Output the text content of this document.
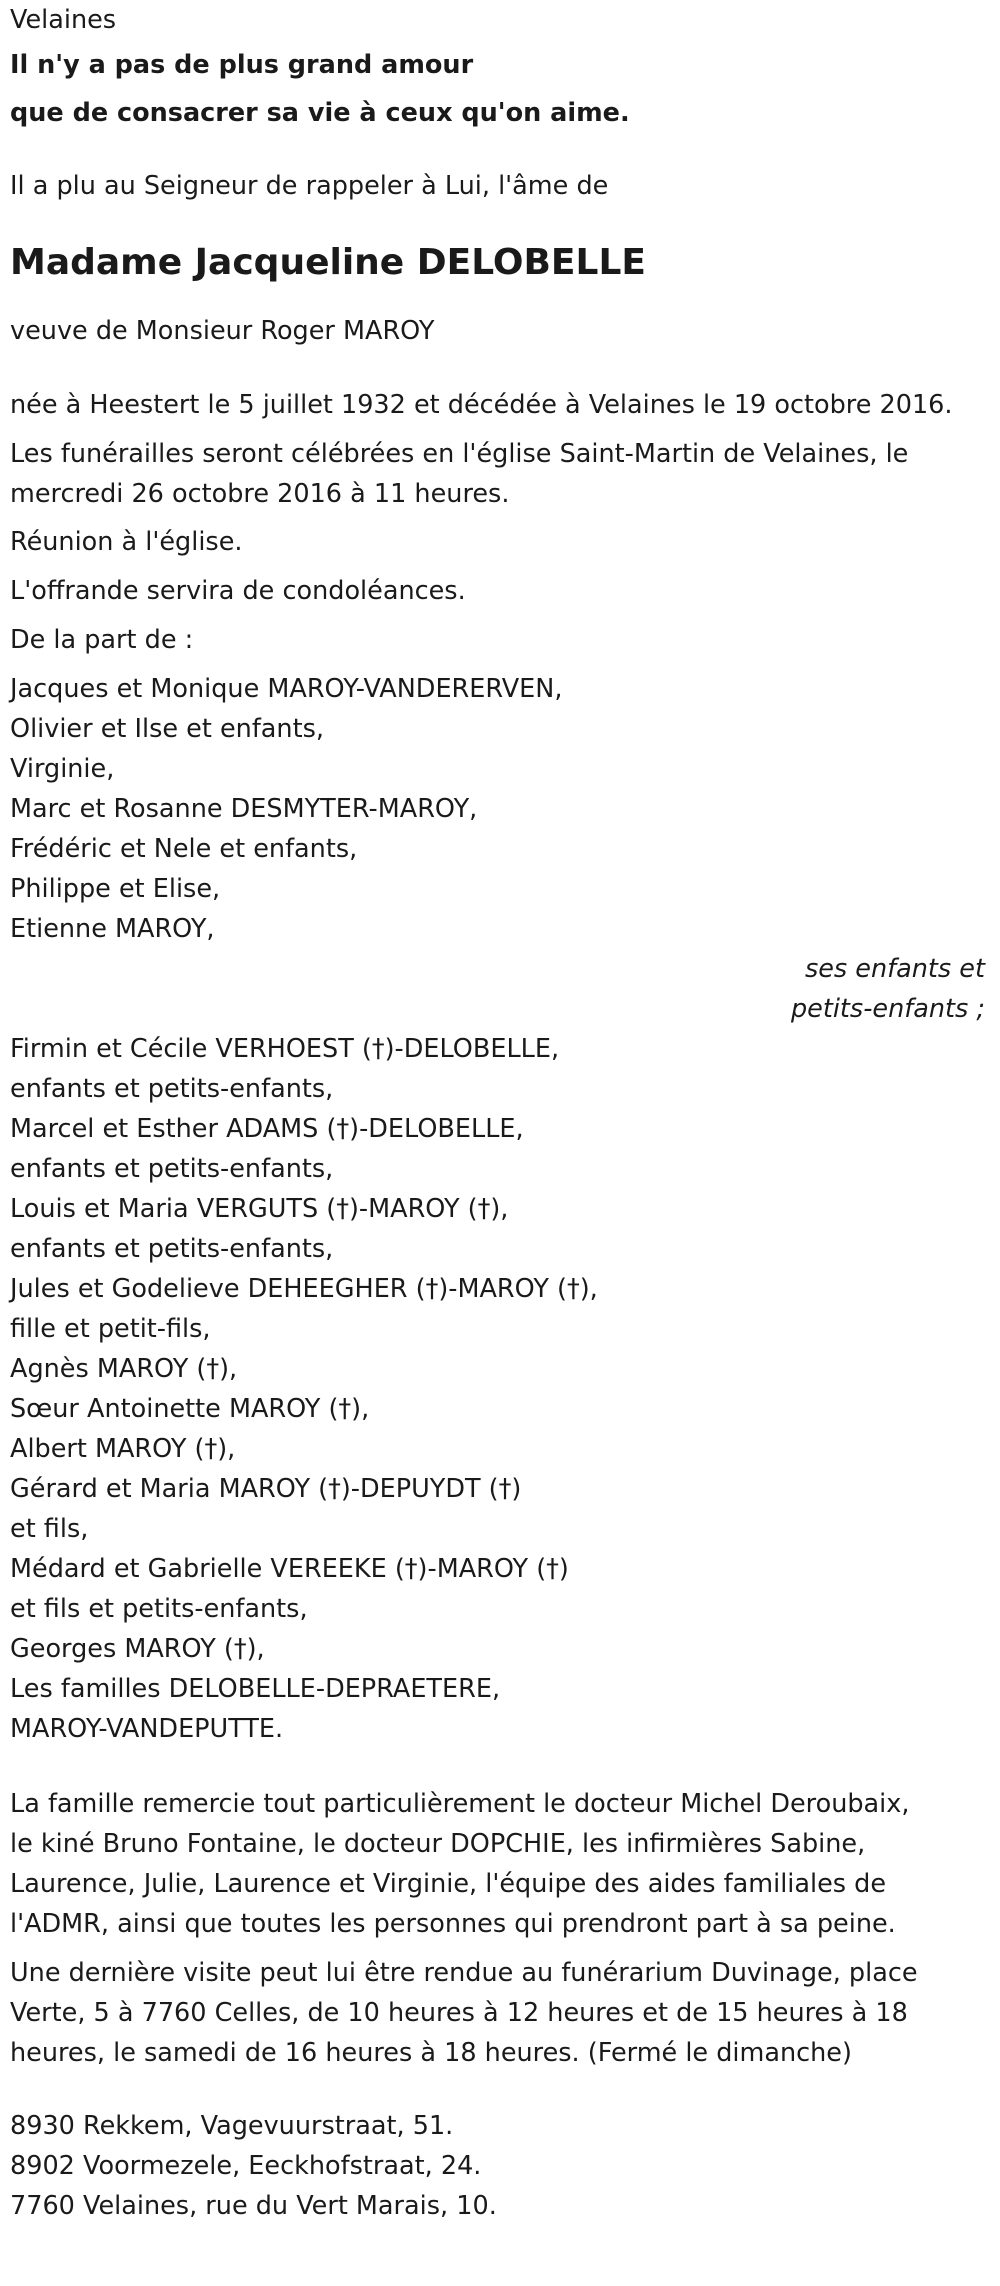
Velaines
Il n'y a pas de plus grand amour
que de consacrer sa vie à ceux qu'on aime.
Il a plu au Seigneur de rappeler à Lui, l'âme de
Madame Jacqueline DELOBELLE
veuve de Monsieur Roger MAROY
née à Heestert le 5 juillet 1932 et décédée à Velaines le 19 octobre 2016.
Les funérailles seront célébrées en l'église Saint-Martin de Velaines, le
mercredi 26 octobre 2016 à 11 heures.
Réunion à l'église.
L'offrande servira de condoléances.
De la part de :
Jacques et Monique MAROY-VANDERERVEN,
Olivier et Ilse et enfants,
Virginie,
Marc et Rosanne DESMYTER-MAROY,
Frédéric et Nele et enfants,
Philippe et Elise,
Etienne MAROY,
ses enfants et
petits-enfants ;
Firmin et Cécile VERHOEST (†)-DELOBELLE,
enfants et petits-enfants,
Marcel et Esther ADAMS (†)-DELOBELLE,
enfants et petits-enfants,
Louis et Maria VERGUTS (†)-MAROY (†),
enfants et petits-enfants,
Jules et Godelieve DEHEEGHER (†)-MAROY (†),
fille et petit-fils,
Agnès MAROY (†),
Sœur Antoinette MAROY (†),
Albert MAROY (†),
Gérard et Maria MAROY (†)-DEPUYDT (†)
et fils,
Médard et Gabrielle VEREEKE (†)-MAROY (†)
et fils et petits-enfants,
Georges MAROY (†),
Les familles DELOBELLE-DEPRAETERE,
MAROY-VANDEPUTTE.
La famille remercie tout particulièrement le docteur Michel Deroubaix,
le kiné Bruno Fontaine, le docteur DOPCHIE, les infirmières Sabine,
Laurence, Julie, Laurence et Virginie, l'équipe des aides familiales de
l'ADMR, ainsi que toutes les personnes qui prendront part à sa peine.
Une dernière visite peut lui être rendue au funérarium Duvinage, place
Verte, 5 à 7760 Celles, de 10 heures à 12 heures et de 15 heures à 18
heures, le samedi de 16 heures à 18 heures. (Fermé le dimanche)
8930 Rekkem, Vagevuurstraat, 51.
8902 Voormezele, Eeckhofstraat, 24.
7760 Velaines, rue du Vert Marais, 10.
